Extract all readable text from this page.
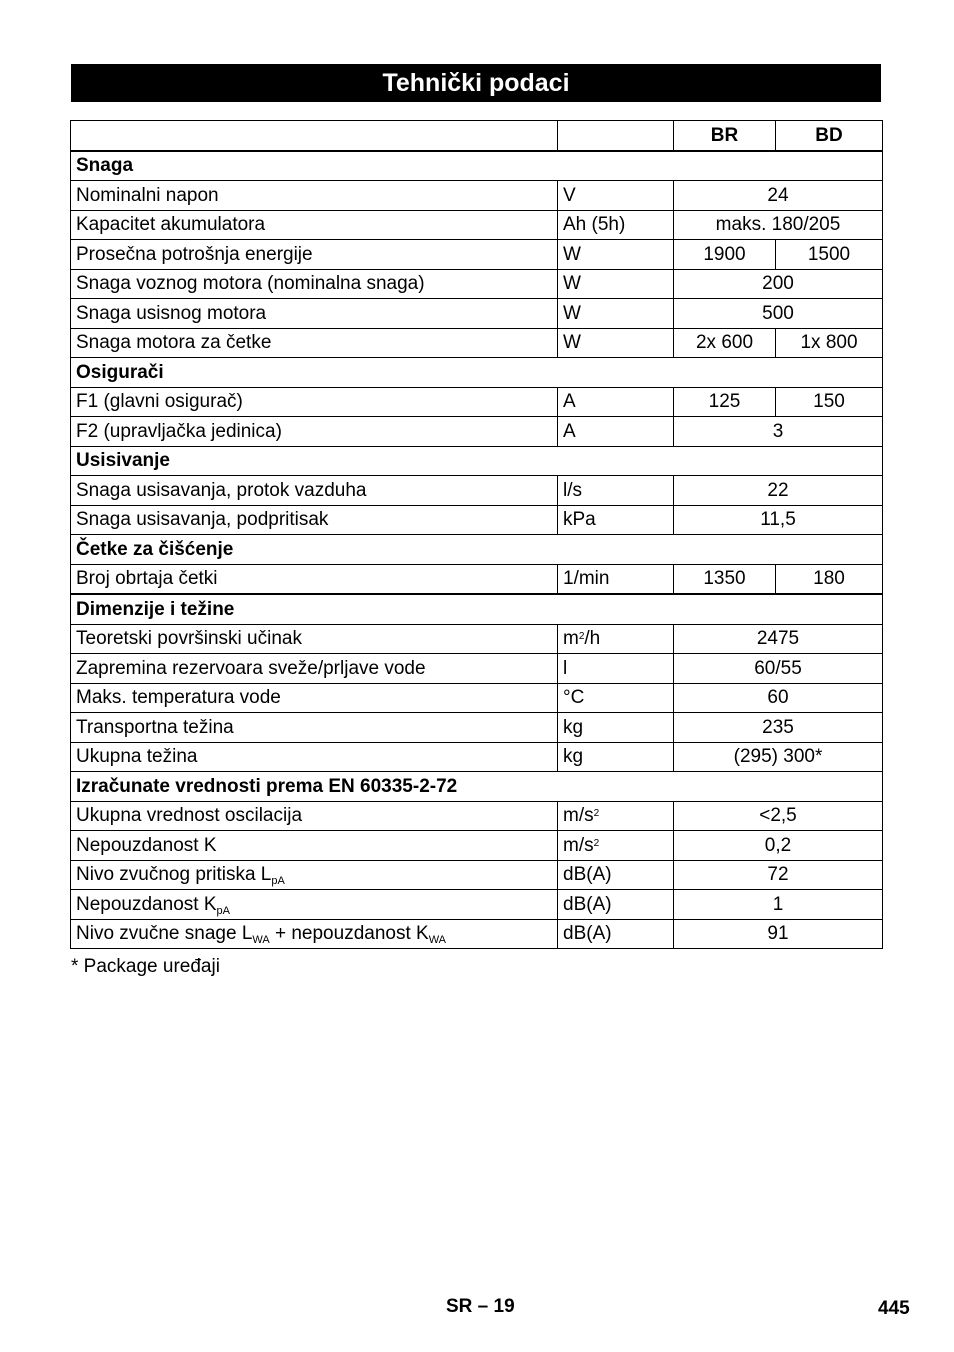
Tehnički podaci
		BR	BD
Snaga			
Nominalni napon	V	24	
Kapacitet akumulatora	Ah (5h)	maks. 180/205	
Prosečna potrošnja energije	W	1900	1500
Snaga voznog motora (nominalna snaga)	W	200	
Snaga usisnog motora	W	500	
Snaga motora za četke	W	2x 600	1x 800
Osigurači			
F1 (glavni osigurač)	A	125	150
F2 (upravljačka jedinica)	A	3	
Usisivanje			
Snaga usisavanja, protok vazduha	l/s	22	
Snaga usisavanja, podpritisak	kPa	11,5	
Četke za čišćenje			
Broj obrtaja četki	1/min	1350	180
Dimenzije i težine			
Teoretski površinski učinak	$m^2/h$	2475	
Zapremina rezervoara sveže/prljave vode	l	60/55	
Maks. temperatura vode	°C	60	
Transportna težina	kg	235	
Ukupna težina	kg	(295) 300*	
Izračunate vrednosti prema EN 60335-2-72			
Ukupna vrednost oscilacija	$m/s^2$	<2,5	
Nepouzdanost K	$m/s^2$	0,2	
Nivo zvučnog pritiska $L_{pA}$	dB(A)	72	
Nepouzdanost $K_{pA}$	dB(A)	1	
Nivo zvučne snage $L_{WA}$ + nepouzdanost $K_{WA}$	dB(A)	91	
* Package uređaji
SR – 19	445
